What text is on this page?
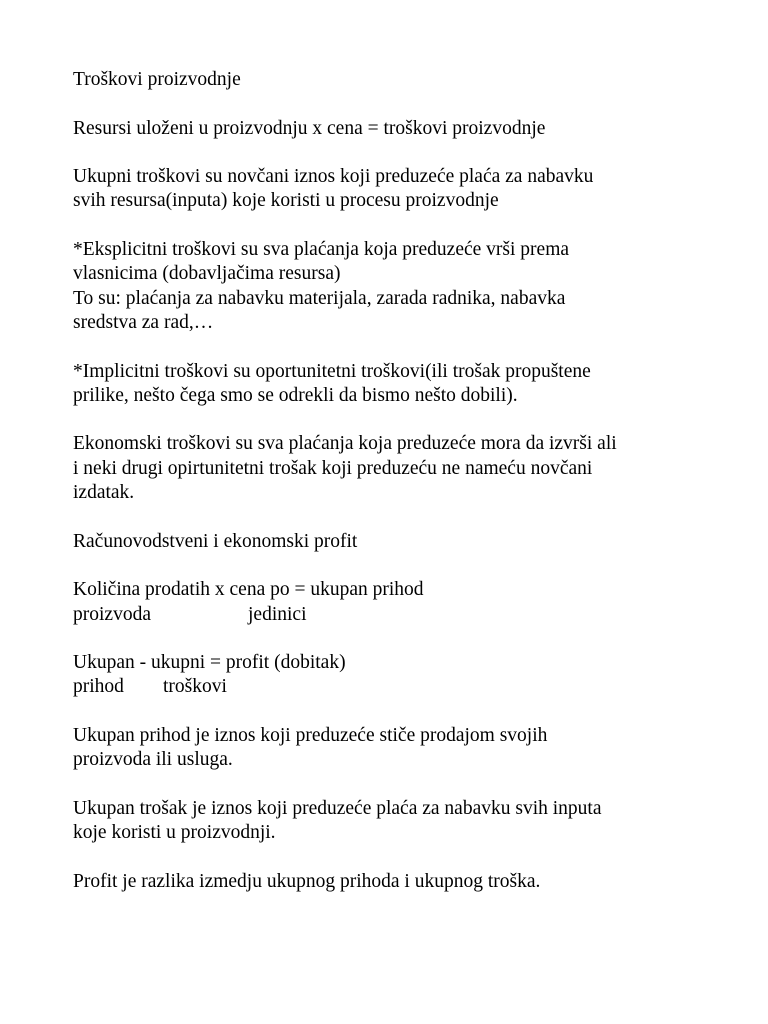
Troškovi proizvodnje

Resursi uloženi u proizvodnju x cena = troškovi proizvodnje

Ukupni troškovi su novčani iznos koji preduzeće plaća za nabavku
svih resursa(inputa) koje koristi u procesu proizvodnje

*Eksplicitni troškovi su sva plaćanja koja preduzeće vrši prema
vlasnicima (dobavljačima resursa)
To su: plaćanja za nabavku materijala, zarada radnika, nabavka
sredstva za rad,…

*Implicitni troškovi su oportunitetni troškovi(ili trošak propuštene
prilike, nešto čega smo se odrekli da bismo nešto dobili).

Ekonomski troškovi su sva plaćanja koja preduzeće mora da izvrši ali
i neki drugi opirtunitetni trošak koji preduzeću ne nameću novčani
izdatak.

Računovodstveni i ekonomski profit

Količina prodatih x cena po = ukupan prihod
proizvoda	jedinici

Ukupan - ukupni = profit (dobitak)
prihod troškovi

Ukupan prihod je iznos koji preduzeće stiče prodajom svojih
proizvoda ili usluga.

Ukupan trošak je iznos koji preduzeće plaća za nabavku svih inputa
koje koristi u proizvodnji.

Profit je razlika izmedju ukupnog prihoda i ukupnog troška.
